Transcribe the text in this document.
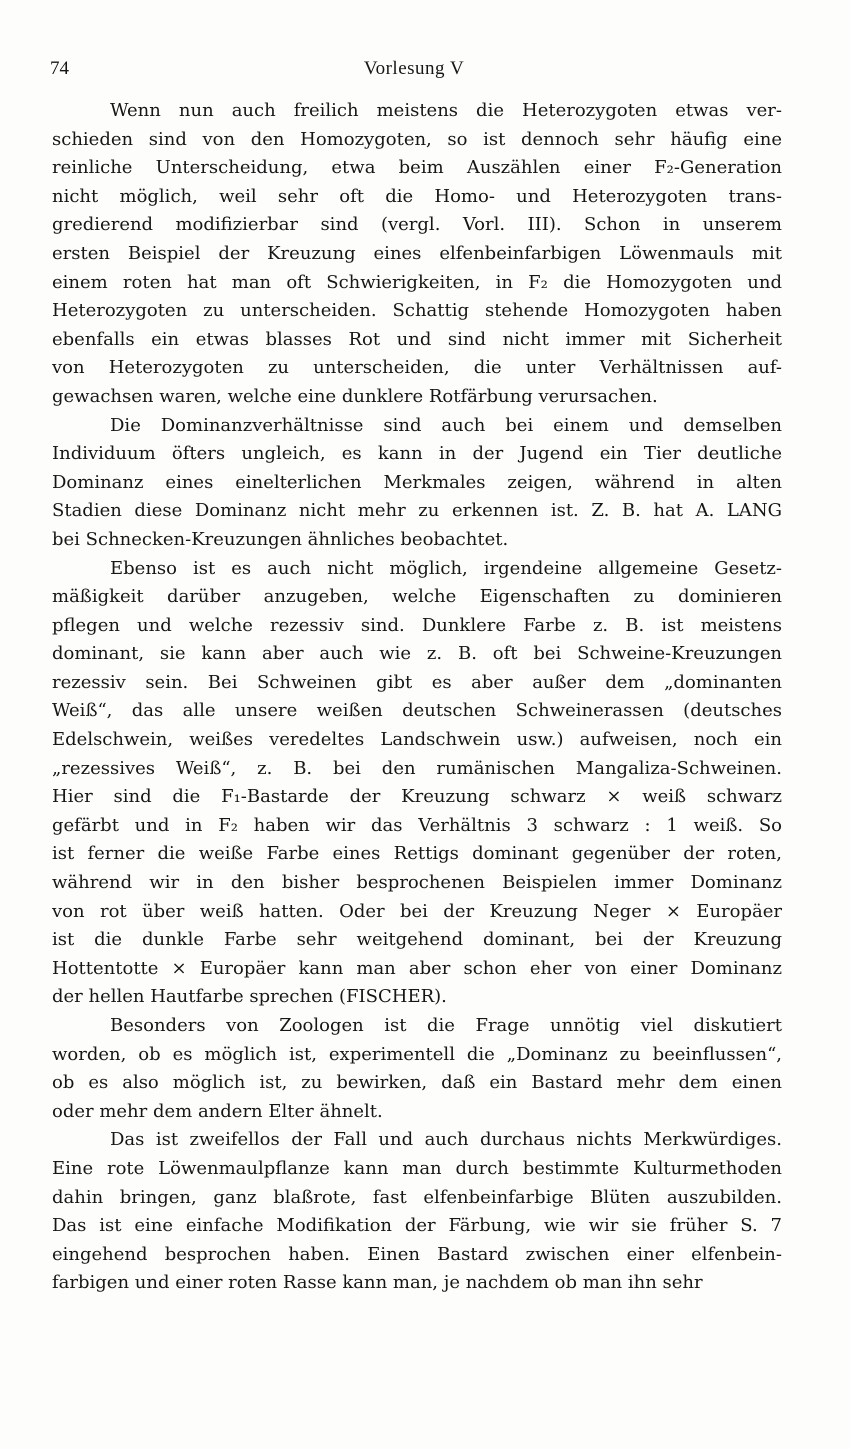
74	Vorlesung V
Wenn nun auch freilich meistens die Heterozygoten etwas ver-
schieden sind von den Homozygoten, so ist dennoch sehr häufig eine
reinliche Unterscheidung, etwa beim Auszählen einer F₂-Generation
nicht möglich, weil sehr oft die Homo- und Heterozygoten trans-
gredierend modifizierbar sind (vergl. Vorl. III). Schon in unserem
ersten Beispiel der Kreuzung eines elfenbeinfarbigen Löwenmauls mit
einem roten hat man oft Schwierigkeiten, in F₂ die Homozygoten und
Heterozygoten zu unterscheiden. Schattig stehende Homozygoten haben
ebenfalls ein etwas blasses Rot und sind nicht immer mit Sicherheit
von Heterozygoten zu unterscheiden, die unter Verhältnissen auf-
gewachsen waren, welche eine dunklere Rotfärbung verursachen.
Die Dominanzverhältnisse sind auch bei einem und demselben
Individuum öfters ungleich, es kann in der Jugend ein Tier deutliche
Dominanz eines einelterlichen Merkmales zeigen, während in alten
Stadien diese Dominanz nicht mehr zu erkennen ist. Z. B. hat A. LANG
bei Schnecken-Kreuzungen ähnliches beobachtet.
Ebenso ist es auch nicht möglich, irgendeine allgemeine Gesetz-
mäßigkeit darüber anzugeben, welche Eigenschaften zu dominieren
pflegen und welche rezessiv sind. Dunklere Farbe z. B. ist meistens
dominant, sie kann aber auch wie z. B. oft bei Schweine-Kreuzungen
rezessiv sein. Bei Schweinen gibt es aber außer dem „dominanten
Weiß“, das alle unsere weißen deutschen Schweinerassen (deutsches
Edelschwein, weißes veredeltes Landschwein usw.) aufweisen, noch ein
„rezessives Weiß“, z. B. bei den rumänischen Mangaliza-Schweinen.
Hier sind die F₁-Bastarde der Kreuzung schwarz × weiß schwarz
gefärbt und in F₂ haben wir das Verhältnis 3 schwarz : 1 weiß. So
ist ferner die weiße Farbe eines Rettigs dominant gegenüber der roten,
während wir in den bisher besprochenen Beispielen immer Dominanz
von rot über weiß hatten. Oder bei der Kreuzung Neger × Europäer
ist die dunkle Farbe sehr weitgehend dominant, bei der Kreuzung
Hottentotte × Europäer kann man aber schon eher von einer Dominanz
der hellen Hautfarbe sprechen (FISCHER).
Besonders von Zoologen ist die Frage unnötig viel diskutiert
worden, ob es möglich ist, experimentell die „Dominanz zu beeinflussen“,
ob es also möglich ist, zu bewirken, daß ein Bastard mehr dem einen
oder mehr dem andern Elter ähnelt.
Das ist zweifellos der Fall und auch durchaus nichts Merkwürdiges.
Eine rote Löwenmaulpflanze kann man durch bestimmte Kulturmethoden
dahin bringen, ganz blaßrote, fast elfenbeinfarbige Blüten auszubilden.
Das ist eine einfache Modifikation der Färbung, wie wir sie früher S. 7
eingehend besprochen haben. Einen Bastard zwischen einer elfenbein-
farbigen und einer roten Rasse kann man, je nachdem ob man ihn sehr
